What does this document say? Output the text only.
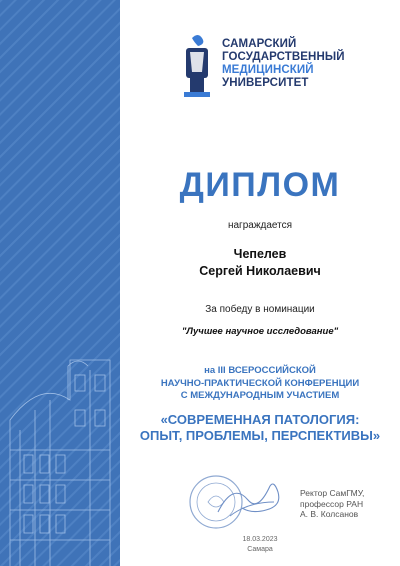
САМАРСКИЙ
ГОСУДАРСТВЕННЫЙ
МЕДИЦИНСКИЙ
УНИВЕРСИТЕТ
ДИПЛОМ
награждается
Чепелев
Сергей Николаевич
За победу в номинации
"Лучшее научное исследование"
на III ВСЕРОССИЙСКОЙ
НАУЧНО-ПРАКТИЧЕСКОЙ КОНФЕРЕНЦИИ
С МЕЖДУНАРОДНЫМ УЧАСТИЕМ
«СОВРЕМЕННАЯ ПАТОЛОГИЯ:
ОПЫТ, ПРОБЛЕМЫ, ПЕРСПЕКТИВЫ»
Ректор СамГМУ,
профессор РАН
А. В. Колсанов
18.03.2023
Самара
